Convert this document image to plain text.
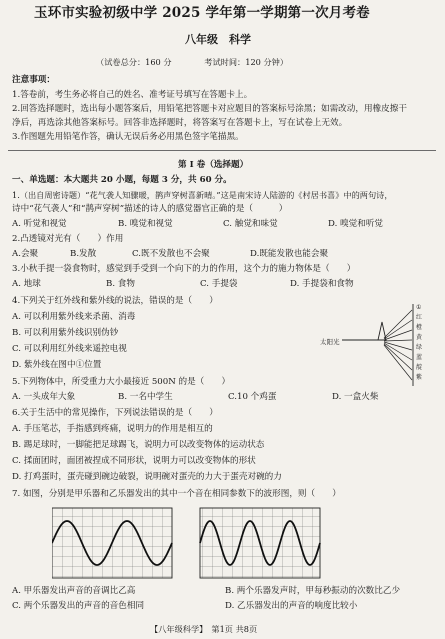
玉环市实验初级中学 2025 学年第一学期第一次月考卷
八年级　科学
（试卷总分：160 分　　　　考试时间：120 分钟）
注意事项：
1.答卷前，考生务必将自己的姓名、准考证号填写在答题卡上。
2.回答选择题时，选出每小题答案后，用铅笔把答题卡对应题目的答案标号涂黑；如需改动，用橡皮擦干
净后，再选涂其他答案标号。回答非选择题时，将答案写在答题卡上，写在试卷上无效。
3.作图题先用铅笔作答，确认无误后务必用黑色签字笔描黑。
第 I 卷（选择题）
一、单选题：本大题共 20 小题，每题 3 分，共 60 分。
1.（出自周密诗题）“花气袭人知骤暖，鹊声穿树喜新晴。”这是南宋诗人陆游的《村居书喜》中的两句诗，
诗中“花气袭人”和“鹊声穿树”描述的诗人的感觉器官正确的是（　　　）
A. 听觉和视觉	B. 嗅觉和视觉	C. 触觉和味觉	D. 嗅觉和听觉
2.凸透镜对光有（　　）作用
A.会聚	B.发散	C.既不发散也不会聚	D.既能发散也能会聚
3.小秋手提一袋食物时，感觉到手受到一个向下的力的作用，这个力的施力物体是（　　）
A. 地球	B. 食物	C. 手提袋	D. 手提袋和食物
4.下列关于红外线和紫外线的说法，错误的是（　　）
A. 可以利用紫外线来杀菌、消毒
B. 可以利用紫外线识别伪钞
C. 可以利用红外线来遥控电视
D. 紫外线在图中①位置
太阳光
①
红
橙
黄
绿
蓝
靛
紫
5.下列物体中，所受重力大小最接近 500N 的是（　　）
A. 一头成年大象	B. 一名中学生	C.10 个鸡蛋	D. 一盒火柴
6.关于生活中的常见操作，下列说法错误的是（　　）
A. 手压笔芯，手指感到疼痛，说明力的作用是相互的
B. 踢足球时，一脚能把足球踢飞，说明力可以改变物体的运动状态
C. 揉面团时，面团被捏成不同形状，说明力可以改变物体的形状
D. 打鸡蛋时，蛋壳碰到碗边破裂，说明碗对蛋壳的力大于蛋壳对碗的力
7. 如图，分别是甲乐器和乙乐器发出的其中一个音在相同参数下的波形图，则（　　）
A. 甲乐器发出声音的音调比乙高	B. 两个乐器发声时，甲每秒振动的次数比乙少
C. 两个乐器发出的声音的音色相同	D. 乙乐器发出的声音的响度比较小
【八年级科学】　第1页 共8页
